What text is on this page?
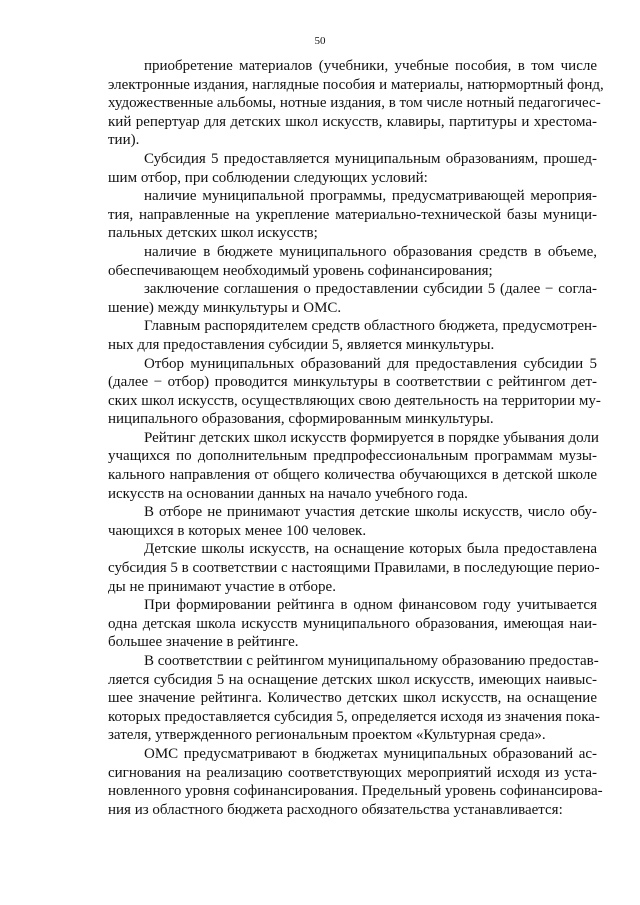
50
приобретение материалов (учебники, учебные пособия, в том числе
электронные издания, наглядные пособия и материалы, натюрмортный фонд,
художественные альбомы, нотные издания, в том числе нотный педагогичес-
кий репертуар для детских школ искусств, клавиры, партитуры и хрестома-
тии).
Субсидия 5 предоставляется муниципальным образованиям, прошед-
шим отбор, при соблюдении следующих условий:
наличие муниципальной программы, предусматривающей мероприя-
тия, направленные на укрепление материально-технической базы муници-
пальных детских школ искусств;
наличие в бюджете муниципального образования средств в объеме,
обеспечивающем необходимый уровень софинансирования;
заключение соглашения о предоставлении субсидии 5 (далее − согла-
шение) между минкультуры и ОМС.
Главным распорядителем средств областного бюджета, предусмотрен-
ных для предоставления субсидии 5, является минкультуры.
Отбор муниципальных образований для предоставления субсидии 5
(далее − отбор) проводится минкультуры в соответствии с рейтингом дет-
ских школ искусств, осуществляющих свою деятельность на территории му-
ниципального образования, сформированным минкультуры.
Рейтинг детских школ искусств формируется в порядке убывания доли
учащихся по дополнительным предпрофессиональным программам музы-
кального направления от общего количества обучающихся в детской школе
искусств на основании данных на начало учебного года.
В отборе не принимают участия детские школы искусств, число обу-
чающихся в которых менее 100 человек.
Детские школы искусств, на оснащение которых была предоставлена
субсидия 5 в соответствии с настоящими Правилами, в последующие перио-
ды не принимают участие в отборе.
При формировании рейтинга в одном финансовом году учитывается
одна детская школа искусств муниципального образования, имеющая наи-
большее значение в рейтинге.
В соответствии с рейтингом муниципальному образованию предостав-
ляется субсидия 5 на оснащение детских школ искусств, имеющих наивыс-
шее значение рейтинга. Количество детских школ искусств, на оснащение
которых предоставляется субсидия 5, определяется исходя из значения пока-
зателя, утвержденного региональным проектом «Культурная среда».
ОМС предусматривают в бюджетах муниципальных образований ас-
сигнования на реализацию соответствующих мероприятий исходя из уста-
новленного уровня софинансирования. Предельный уровень софинансирова-
ния из областного бюджета расходного обязательства устанавливается:
